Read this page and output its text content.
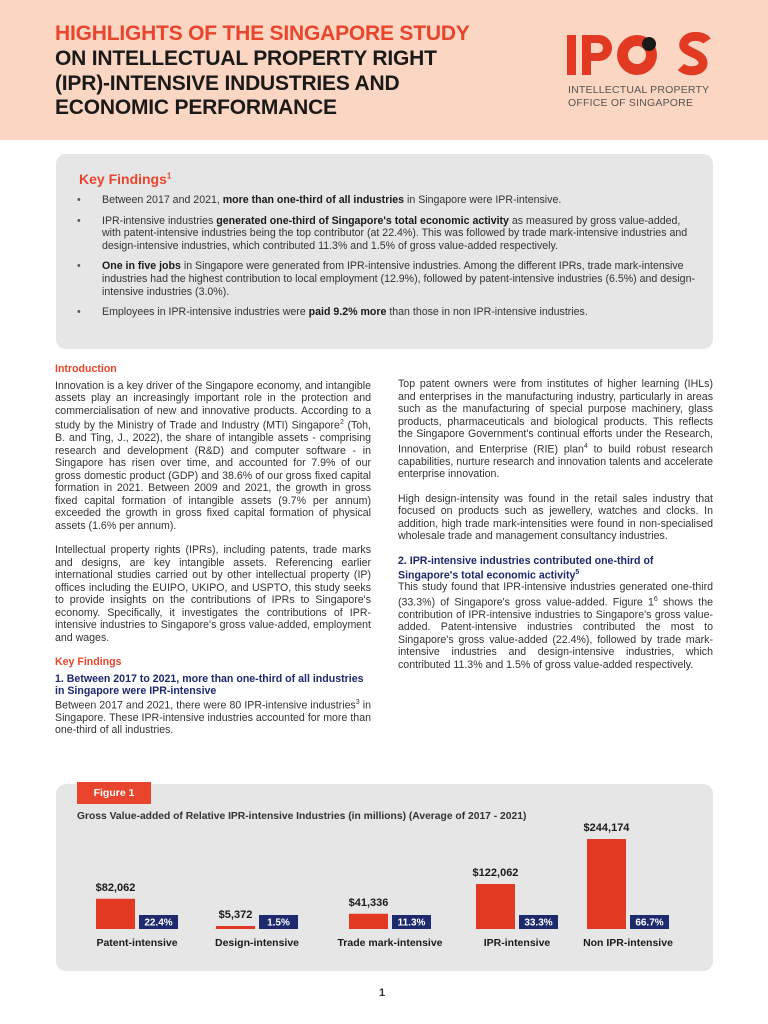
HIGHLIGHTS OF THE SINGAPORE STUDY
ON INTELLECTUAL PROPERTY RIGHT
(IPR)-INTENSIVE INDUSTRIES AND
ECONOMIC PERFORMANCE
INTELLECTUAL PROPERTY
OFFICE OF SINGAPORE
Key Findings$^1$
• Between 2017 and 2021, more than one-third of all industries in Singapore were IPR-intensive.
• IPR-intensive industries generated one-third of Singapore's total economic activity as measured by gross value-added, with patent-intensive industries being the top contributor (at 22.4%). This was followed by trade mark-intensive industries and design-intensive industries, which contributed 11.3% and 1.5% of gross value-added respectively.
• One in five jobs in Singapore were generated from IPR-intensive industries. Among the different IPRs, trade mark-intensive industries had the highest contribution to local employment (12.9%), followed by patent-intensive industries (6.5%) and design-intensive industries (3.0%).
• Employees in IPR-intensive industries were paid 9.2% more than those in non IPR-intensive industries.
Introduction

Innovation is a key driver of the Singapore economy, and intangible assets play an increasingly important role in the protection and commercialisation of new and innovative products. According to a study by the Ministry of Trade and Industry (MTI) Singapore$^2$ (Toh, B. and Ting, J., 2022), the share of intangible assets - comprising research and development (R&D) and computer software - in Singapore has risen over time, and accounted for 7.9% of our gross domestic product (GDP) and 38.6% of our gross fixed capital formation in 2021. Between 2009 and 2021, the growth in gross fixed capital formation of intangible assets (9.7% per annum) exceeded the growth in gross fixed capital formation of physical assets (1.6% per annum).

Intellectual property rights (IPRs), including patents, trade marks and designs, are key intangible assets. Referencing earlier international studies carried out by other intellectual property (IP) offices including the EUIPO, UKIPO, and USPTO, this study seeks to provide insights on the contributions of IPRs to Singapore's economy. Specifically, it investigates the contributions of IPR-intensive industries to Singapore's gross value-added, employment and wages.

Key Findings
1. Between 2017 to 2021, more than one-third of all industries in Singapore were IPR-intensive

Between 2017 and 2021, there were 80 IPR-intensive industries$^3$ in Singapore. These IPR-intensive industries accounted for more than one-third of all industries.

Top patent owners were from institutes of higher learning (IHLs) and enterprises in the manufacturing industry, particularly in areas such as the manufacturing of special purpose machinery, glass products, pharmaceuticals and biological products. This reflects the Singapore Government's continual efforts under the Research, Innovation, and Enterprise (RIE) plan$^4$ to build robust research capabilities, nurture research and innovation talents and accelerate enterprise innovation.

High design-intensity was found in the retail sales industry that focused on products such as jewellery, watches and clocks. In addition, high trade mark-intensities were found in non-specialised wholesale trade and management consultancy industries.

2. IPR-intensive industries contributed one-third of Singapore's total economic activity$^5$

This study found that IPR-intensive industries generated one-third (33.3%) of Singapore's gross value-added. Figure $1^6$ shows the contribution of IPR-intensive industries to Singapore's gross value-added. Patent-intensive industries contributed the most to Singapore's gross value-added (22.4%), followed by trade mark-intensive industries and design-intensive industries, which contributed 11.3% and 1.5% of gross value-added respectively.

Figure 1
Gross Value-added of Relative IPR-intensive Industries (in millions) (Average of 2017 - 2021)
$82,062
22.4%
Patent-intensive
$5,372
1.5%
Design-intensive
$41,336
11.3%
Trade mark-intensive
$122,062
33.3%
IPR-intensive
$244,174
66.7%
Non IPR-intensive
1
